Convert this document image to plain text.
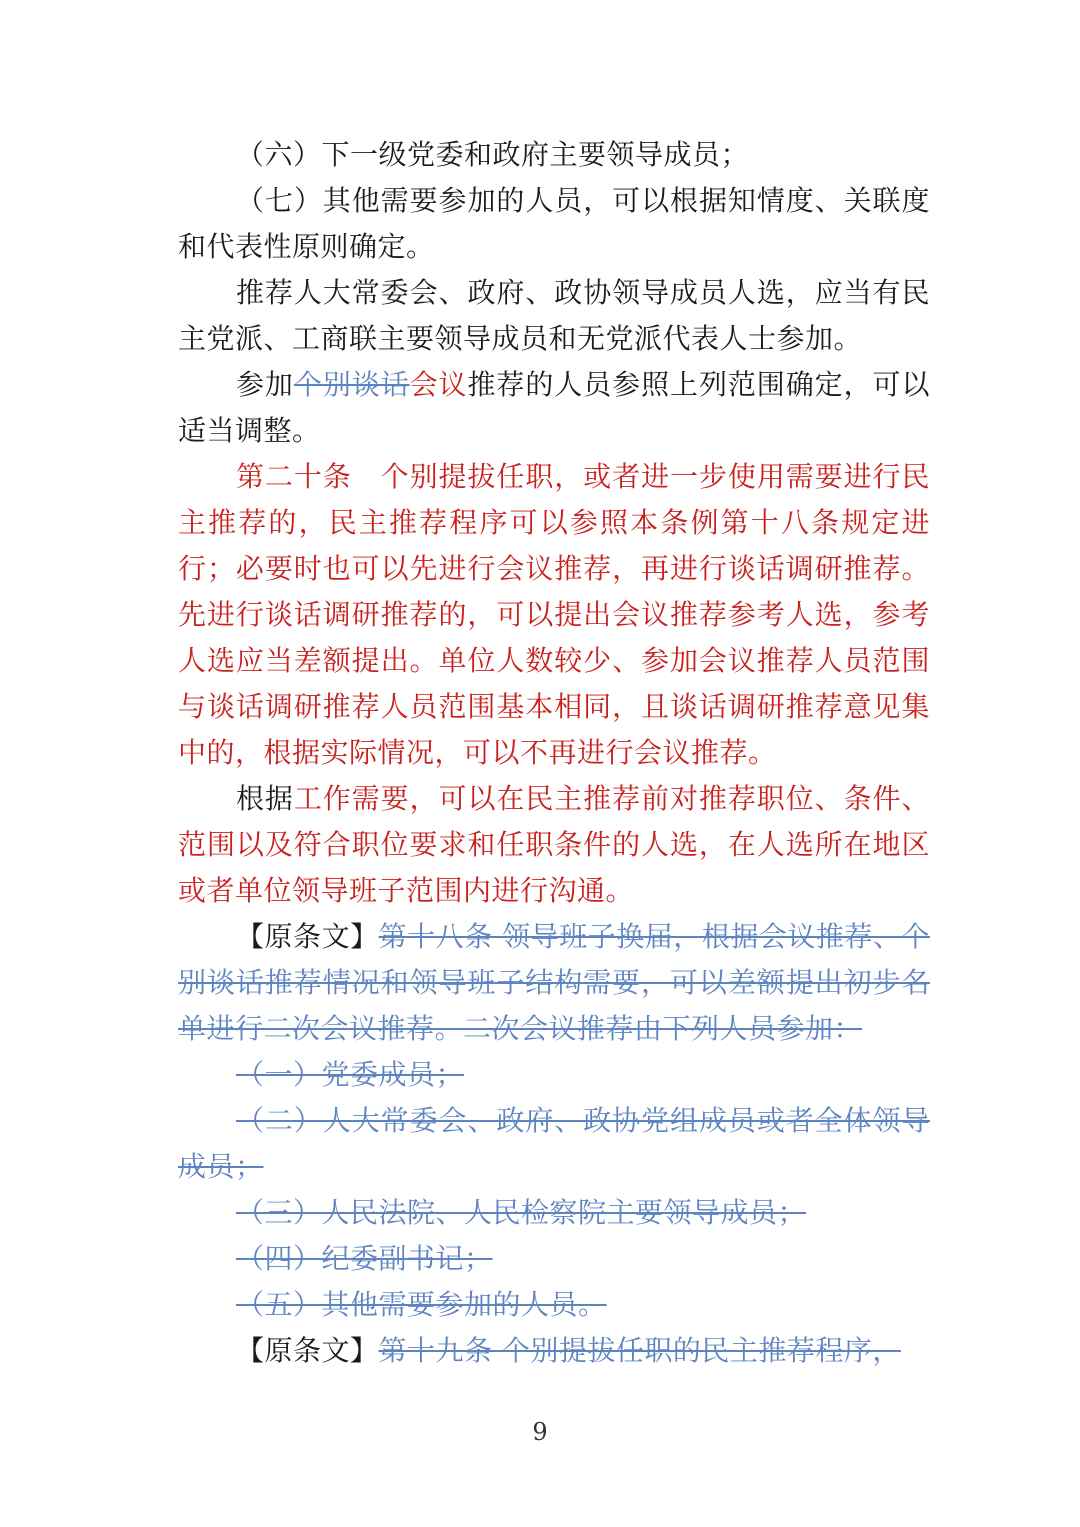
（六）下一级党委和政府主要领导成员；

（七）其他需要参加的人员，可以根据知情度、关联度和代表性原则确定。

推荐人大常委会、政府、政协领导成员人选，应当有民主党派、工商联主要领导成员和无党派代表人士参加。

参加个别谈话会议推荐的人员参照上列范围确定，可以适当调整。

第二十条　个别提拔任职，或者进一步使用需要进行民主推荐的，民主推荐程序可以参照本条例第十八条规定进行；必要时也可以先进行会议推荐，再进行谈话调研推荐。先进行谈话调研推荐的，可以提出会议推荐参考人选，参考人选应当差额提出。单位人数较少、参加会议推荐人员范围与谈话调研推荐人员范围基本相同，且谈话调研推荐意见集中的，根据实际情况，可以不再进行会议推荐。

根据工作需要，可以在民主推荐前对推荐职位、条件、范围以及符合职位要求和任职条件的人选，在人选所在地区或者单位领导班子范围内进行沟通。

【原条文】第十八条 领导班子换届，根据会议推荐、个别谈话推荐情况和领导班子结构需要，可以差额提出初步名单进行二次会议推荐。二次会议推荐由下列人员参加：

（一）党委成员；

（二）人大常委会、政府、政协党组成员或者全体领导成员；

（三）人民法院、人民检察院主要领导成员；

（四）纪委副书记；

（五）其他需要参加的人员。

【原条文】第十九条 个别提拔任职的民主推荐程序，

9
